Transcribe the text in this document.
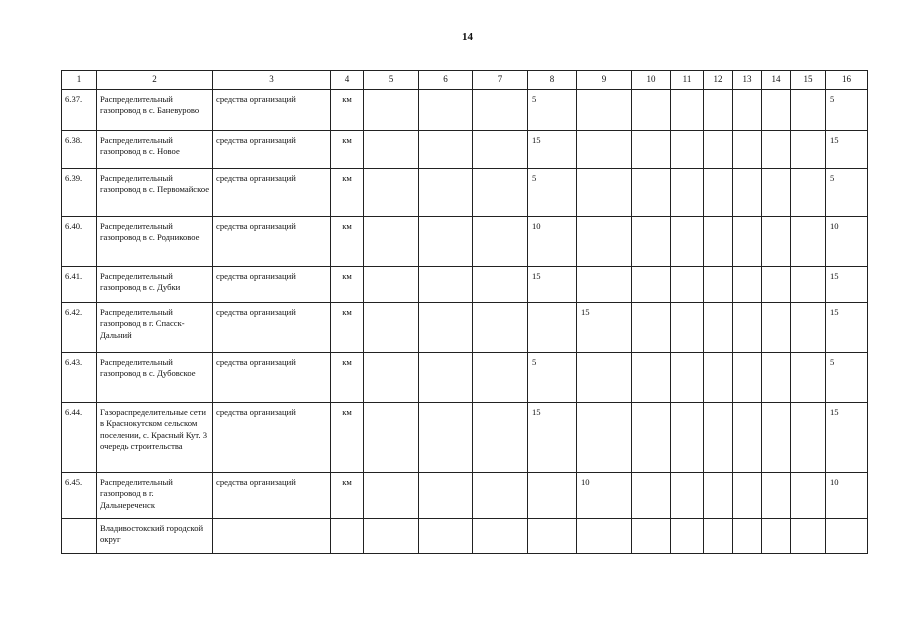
14
1	2	3	4	5	6	7	8	9	10	11	12	13	14	15	16
6.37.	Распределительный газопровод в с. Баневурово	средства организаций	км				5								5
6.38.	Распределительный газопровод в с. Новое	средства организаций	км				15								15
6.39.	Распределительный газопровод в с. Первомайское	средства организаций	км				5								5
6.40.	Распределительный газопровод в с. Родниковое	средства организаций	км				10								10
6.41.	Распределительный газопровод в с. Дубки	средства организаций	км				15								15
6.42.	Распределительный газопровод в г. Спасск-Дальний	средства организаций	км					15							15
6.43.	Распределительный газопровод в с. Дубовское	средства организаций	км				5								5
6.44.	Газораспределительные сети в Краснокутском сельском поселении, с. Красный Кут. 3 очередь строительства	средства организаций	км				15								15
6.45.	Распределительный газопровод в г. Дальнереченск	средства организаций	км					10							10
	Владивостокский городской округ														
